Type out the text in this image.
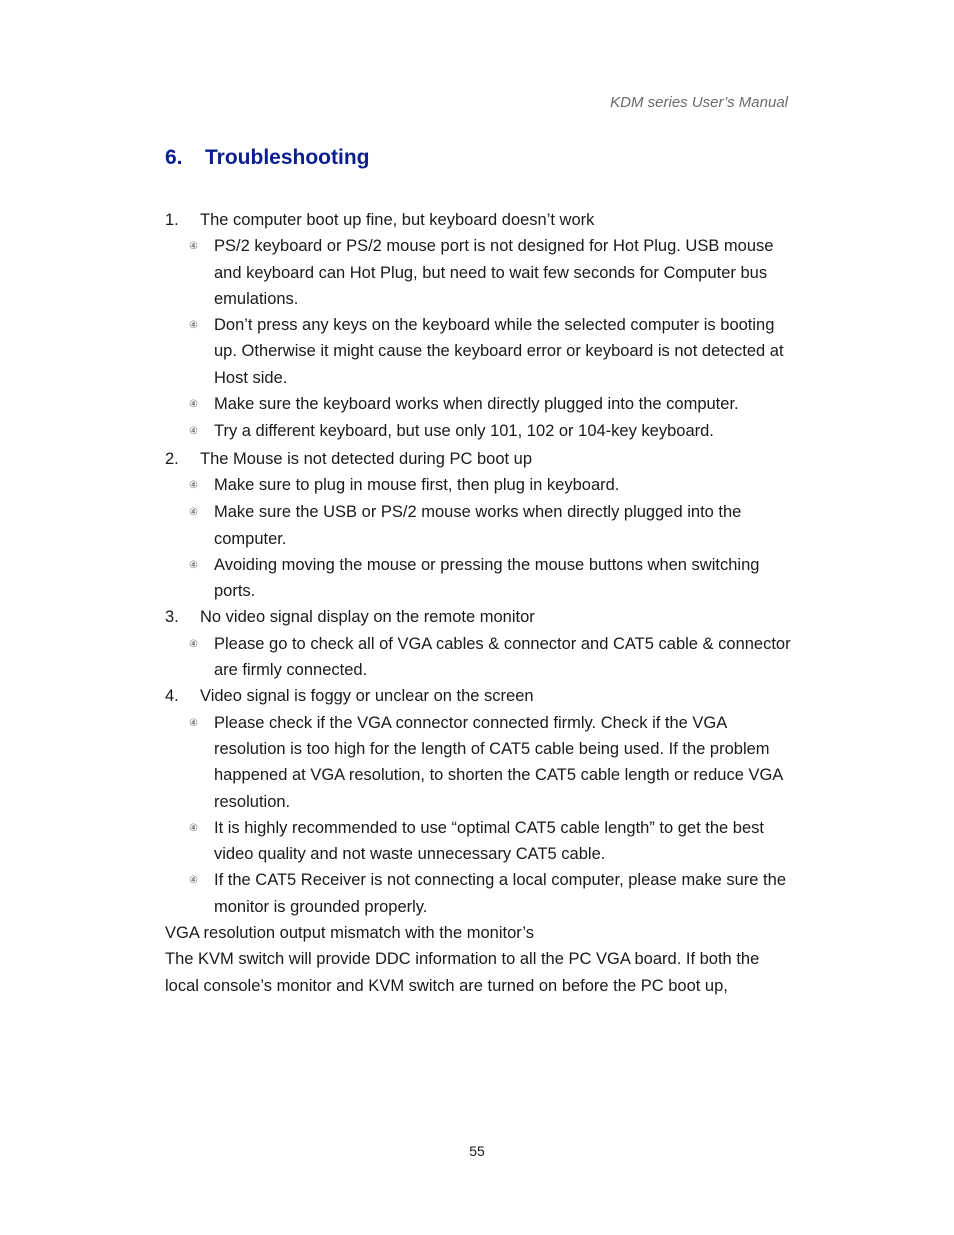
KDM series User’s Manual
6. Troubleshooting
1.	The computer boot up fine, but keyboard doesn’t work
④ PS/2 keyboard or PS/2 mouse port is not designed for Hot Plug. USB mouse and keyboard can Hot Plug, but need to wait few seconds for Computer bus emulations.
④ Don’t press any keys on the keyboard while the selected computer is booting up. Otherwise it might cause the keyboard error or keyboard is not detected at Host side.
④ Make sure the keyboard works when directly plugged into the computer.
④ Try a different keyboard, but use only 101, 102 or 104-key keyboard.
2.	The Mouse is not detected during PC boot up
④ Make sure to plug in mouse first, then plug in keyboard.
④ Make sure the USB or PS/2 mouse works when directly plugged into the computer.
④ Avoiding moving the mouse or pressing the mouse buttons when switching ports.
3.	No video signal display on the remote monitor
④ Please go to check all of VGA cables & connector and CAT5 cable & connector are firmly connected.
4.	Video signal is foggy or unclear on the screen
④ Please check if the VGA connector connected firmly. Check if the VGA resolution is too high for the length of CAT5 cable being used. If the problem happened at VGA resolution, to shorten the CAT5 cable length or reduce VGA resolution.
④ It is highly recommended to use “optimal CAT5 cable length” to get the best video quality and not waste unnecessary CAT5 cable.
④ If the CAT5 Receiver is not connecting a local computer, please make sure the monitor is grounded properly.

VGA resolution output mismatch with the monitor’s

The KVM switch will provide DDC information to all the PC VGA board. If both the local console’s monitor and KVM switch are turned on before the PC boot up,

55
